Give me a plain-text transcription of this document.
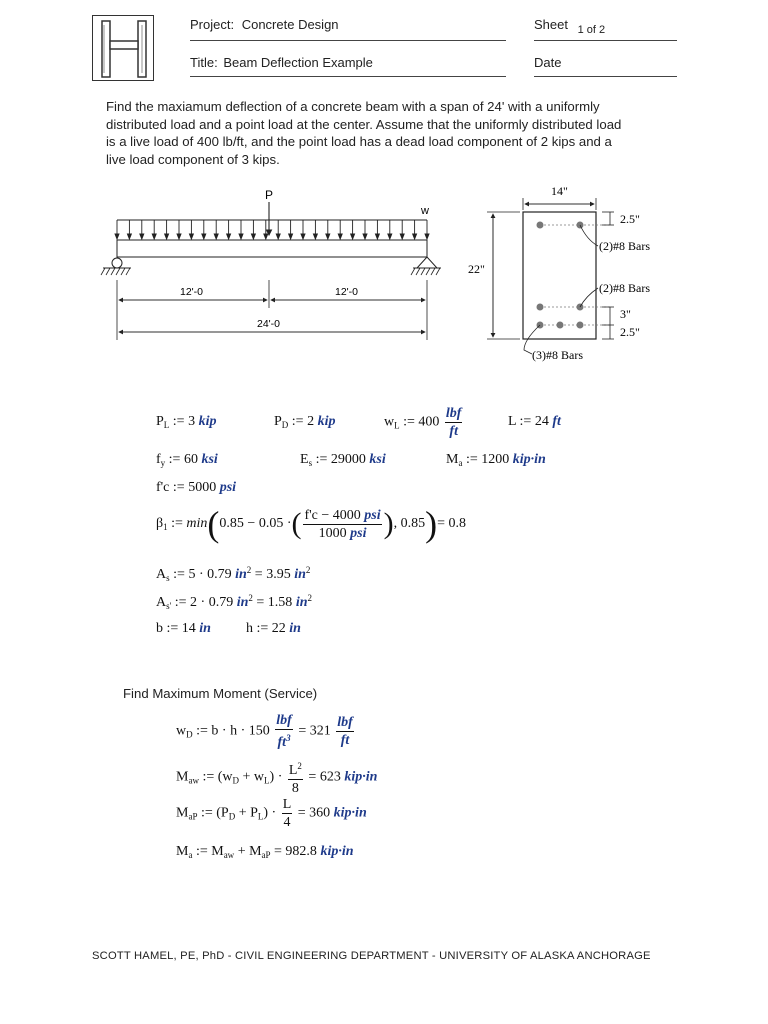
Project: Concrete Design
Title: Beam Deflection Example
Sheet $_{1 of 2}$
Date
Find the maxiamum deflection of a concrete beam with a span of 24' with a uniformly
distributed load and a point load at the center. Assume that the uniformly distributed load
is a live load of 400 lb/ft, and the point load has a dead load component of 2 kips and a
live load component of 3 kips.
P
w
12'-0	12'-0
24'-0
14"
22"
2.5"
(2)#8 Bars
(2)#8 Bars
3"
2.5"
(3)#8 Bars
$P_L$ := 3 kip	$P_D$ := 2 kip	$w_L$ := $400 \frac{\text{lbf}}{ft}$	L := 24 ft
$f_y$ := 60 ksi	$E_s$ := 29000 ksi	$M_a$ := 1200 kip·in
f'c := 5000 psi
$\beta_1$ := min(0.85 − 0.05 ·( $\frac{\text{f'c − 4000 psi}}{\text{1000 psi}}$ ), 0.85)= 0.8
$A_s$ := 5 · 0.79 $in^2 = 3.95$ $in^2$
$A_{s'}$ := 2 · 0.79 $in^2 = 1.58$ $in^2$
b := 14 in	h := 22 in
Find Maximum Moment (Service)
$w_D$ := $b \cdot h \cdot 150 \frac{\text{lbf}}{ft^3} = 321 \frac{\text{lbf}}{ft}$
$M_{aw}$ := $(w_D + w_L) \cdot \frac{L^2}{8} = 623$ kip·in
$M_{aP}$ := $(P_D + P_L) \cdot \frac{L}{4} = 360$ kip·in
$M_a$ := $M_{aw} + M_{aP} = 982.8$ kip·in
SCOTT HAMEL, PE, PhD - CIVIL ENGINEERING DEPARTMENT - UNIVERSITY OF ALASKA ANCHORAGE
